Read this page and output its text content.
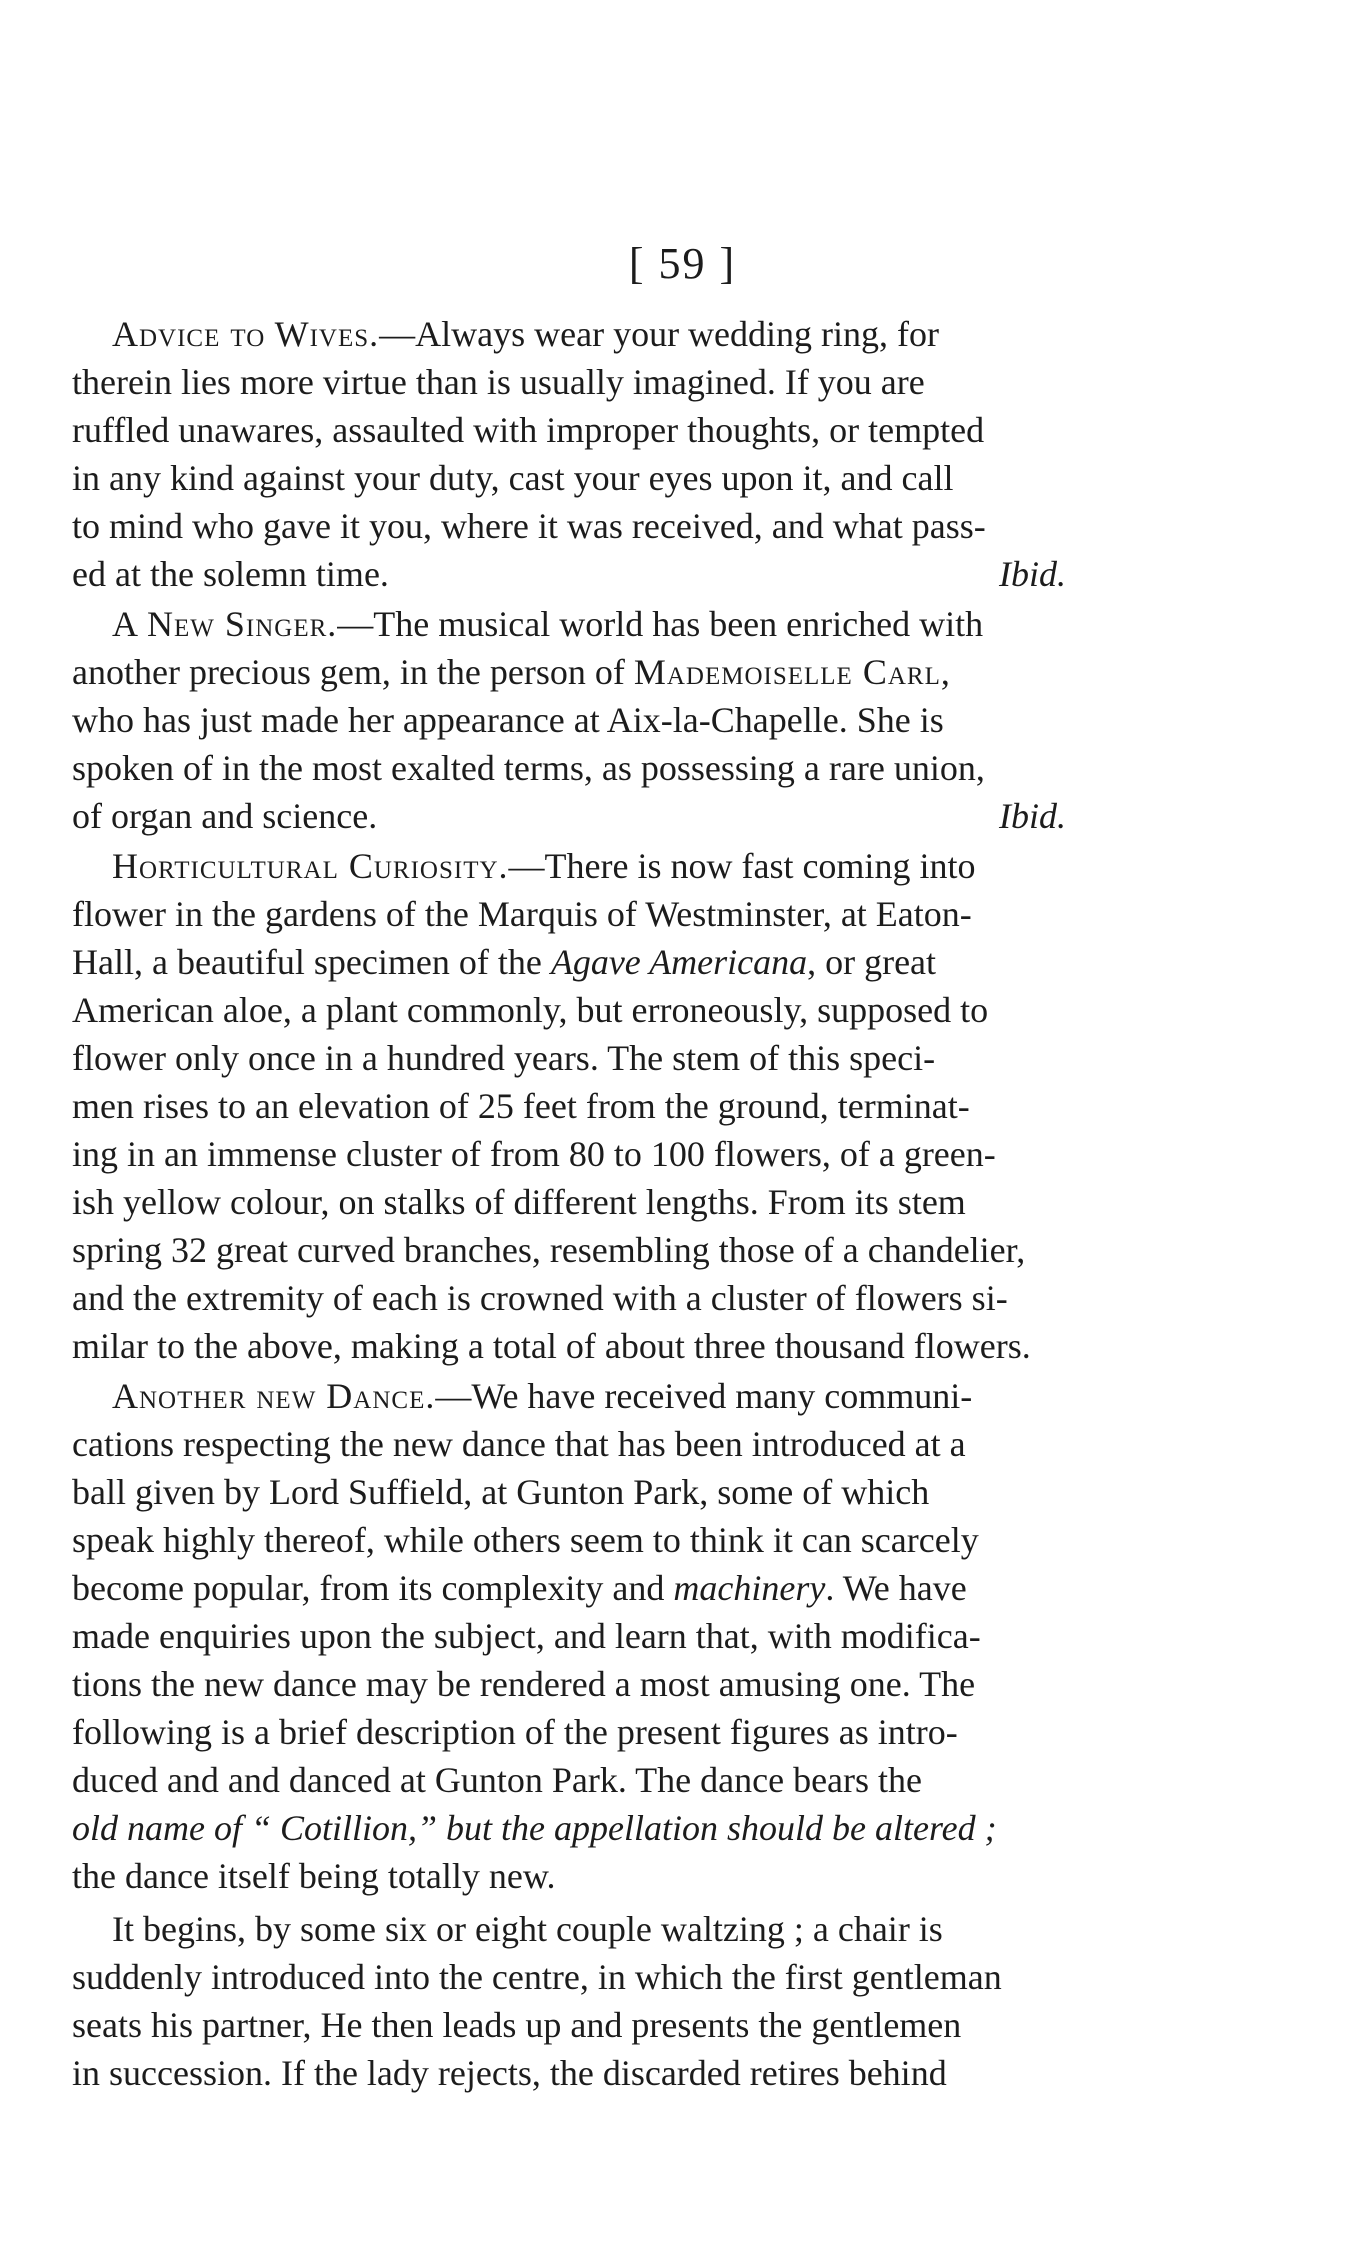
[ 59 ]
Advice to Wives.—Always wear your wedding ring, for
therein lies more virtue than is usually imagined. If you are
ruffled unawares, assaulted with improper thoughts, or tempted
in any kind against your duty, cast your eyes upon it, and call
to mind who gave it you, where it was received, and what pass-
ed at the solemn time.	Ibid.
A New Singer.—The musical world has been enriched with
another precious gem, in the person of Mademoiselle Carl,
who has just made her appearance at Aix-la-Chapelle. She is
spoken of in the most exalted terms, as possessing a rare union,
of organ and science.	Ibid.
Horticultural Curiosity.—There is now fast coming into
flower in the gardens of the Marquis of Westminster, at Eaton-
Hall, a beautiful specimen of the Agave Americana, or great
American aloe, a plant commonly, but erroneously, supposed to
flower only once in a hundred years. The stem of this speci-
men rises to an elevation of 25 feet from the ground, terminat-
ing in an immense cluster of from 80 to 100 flowers, of a green-
ish yellow colour, on stalks of different lengths. From its stem
spring 32 great curved branches, resembling those of a chandelier,
and the extremity of each is crowned with a cluster of flowers si-
milar to the above, making a total of about three thousand flowers.
Another new Dance.—We have received many communi-
cations respecting the new dance that has been introduced at a
ball given by Lord Suffield, at Gunton Park, some of which
speak highly thereof, while others seem to think it can scarcely
become popular, from its complexity and machinery. We have
made enquiries upon the subject, and learn that, with modifica-
tions the new dance may be rendered a most amusing one. The
following is a brief description of the present figures as intro-
duced and and danced at Gunton Park. The dance bears the
old name of “ Cotillion,” but the appellation should be altered ;
the dance itself being totally new.
It begins, by some six or eight couple waltzing ; a chair is
suddenly introduced into the centre, in which the first gentleman
seats his partner, He then leads up and presents the gentlemen
in succession. If the lady rejects, the discarded retires behind
